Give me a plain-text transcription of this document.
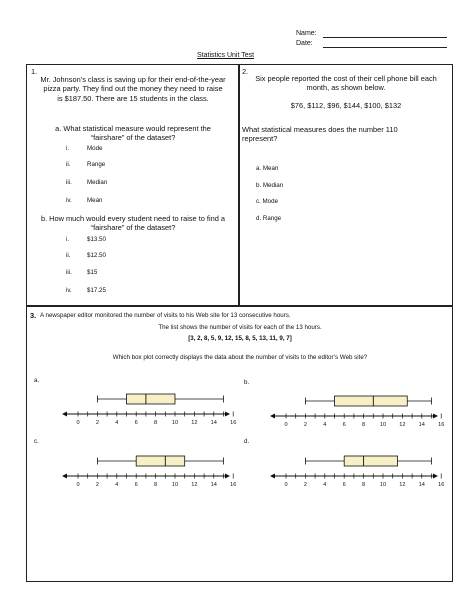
Name:
Date:
Statistics Unit Test
1.
Mr. Johnson’s class is saving up for their end-of-the-year pizza party. They find out the money they need to raise is $187.50. There are 15 students in the class.
a. What statistical measure would represent the “fairshare” of the dataset?
i.	Mode
ii.	Range
iii. Median
iv. Mean
b. How much would every student need to raise to find a “fairshare” of the dataset?
i.	$13.50
ii.	$12.50
iii. $15
iv. $17.25
2.
Six people reported the cost of their cell phone bill each month, as shown below.
$76, $112, $96, $144, $100, $132
What statistical measures does the number 110 represent?
a. Mean
b. Median
c. Mode
d. Range
3. A newspaper editor monitored the number of visits to his Web site for 13 consecutive hours.
The list shows the number of visits for each of the 13 hours.
[3, 2, 8, 5, 9, 12, 15, 8, 5, 13, 11, 9, 7]
Which box plot correctly displays the data about the number of visits to the editor’s Web site?
a.
0	2	4	6	8	10 12 14 16
b.
0	2	4	6	8	10 12 14 16
c.
0	2	4	6	8	10 12 14 16
d.
0	2	4	6	8	10 12 14 16
